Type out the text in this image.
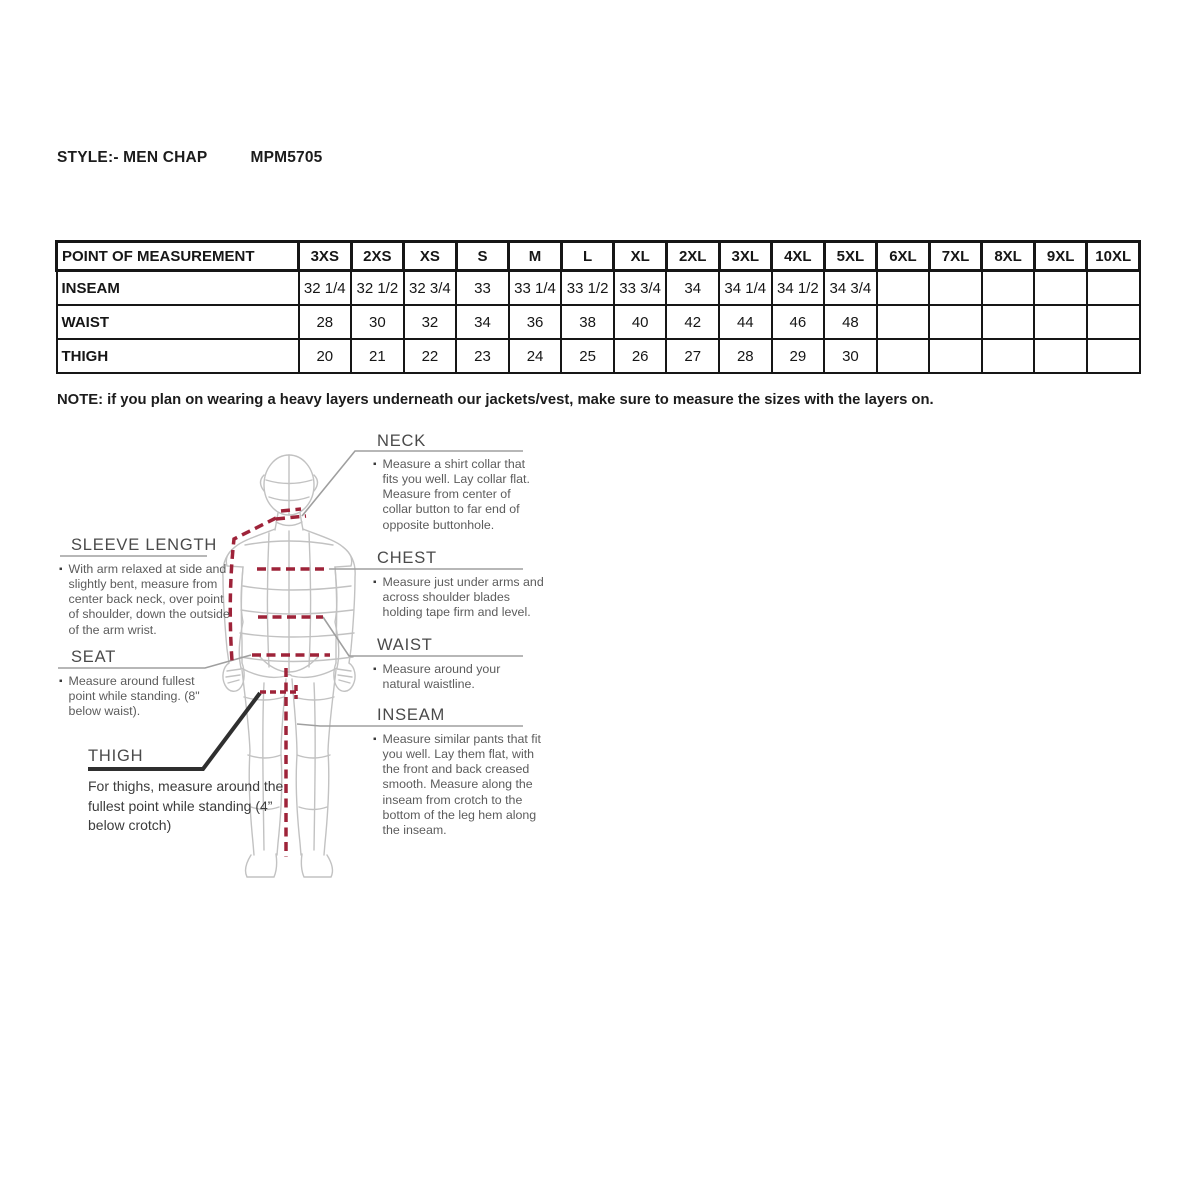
STYLE:- MEN CHAP	MPM5705
POINT OF MEASUREMENT	3XS	2XS	XS	S	M	L	XL	2XL	3XL	4XL	5XL	6XL	7XL	8XL	9XL	10XL
INSEAM	32 1/4	32 1/2	32 3/4	33	33 1/4	33 1/2	33 3/4	34	34 1/4	34 1/2	34 3/4					
WAIST	28	30	32	34	36	38	40	42	44	46	48					
THIGH	20	21	22	23	24	25	26	27	28	29	30					
NOTE: if you plan on wearing a heavy layers underneath our jackets/vest, make sure to measure the sizes with the layers on.
NECK
▪ Measure a shirt collar that fits you well. Lay collar flat. Measure from center of collar button to far end of opposite buttonhole.
SLEEVE LENGTH
▪ With arm relaxed at side and slightly bent, measure from center back neck, over point of shoulder, down the outside of the arm wrist.
CHEST
▪ Measure just under arms and across shoulder blades holding tape firm and level.
WAIST
▪ Measure around your natural waistline.
SEAT
▪ Measure around fullest point while standing. (8" below waist).	INSEAM
▪ Measure similar pants that fit you well. Lay them flat, with the front and back creased smooth. Measure along the inseam from crotch to the bottom of the leg hem along the inseam.
THIGH
For thighs, measure around the fullest point while standing (4” below crotch)
